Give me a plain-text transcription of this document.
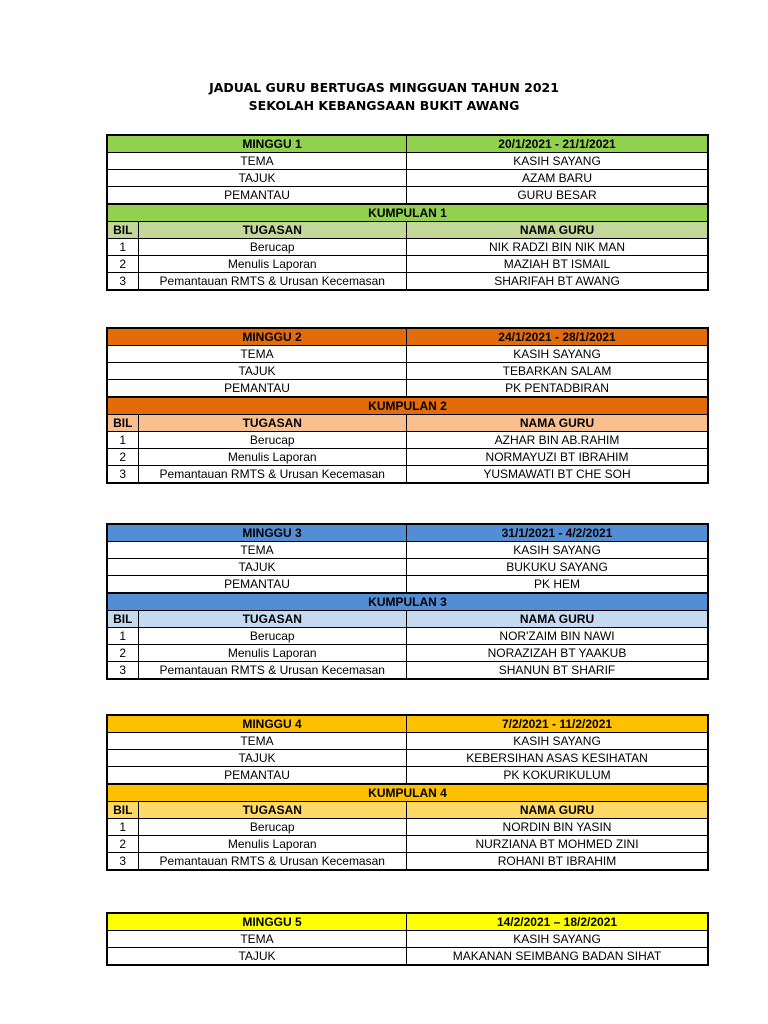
JADUAL GURU BERTUGAS MINGGUAN TAHUN 2021
SEKOLAH KEBANGSAAN BUKIT AWANG
	MINGGU 1	20/1/2021 - 21/1/2021
TEMA		KASIH SAYANG
TAJUK		AZAM BARU
PEMANTAU		GURU BESAR
KUMPULAN 1		
BIL	TUGASAN	NAMA GURU
1	Berucap	NIK RADZI BIN NIK MAN
2	Menulis Laporan	MAZIAH BT ISMAIL
3	Pemantauan RMTS & Urusan Kecemasan	SHARIFAH BT AWANG
	MINGGU 2	24/1/2021 - 28/1/2021
TEMA		KASIH SAYANG
TAJUK		TEBARKAN SALAM
PEMANTAU		PK PENTADBIRAN
KUMPULAN 2		
BIL	TUGASAN	NAMA GURU
1	Berucap	AZHAR BIN AB.RAHIM
2	Menulis Laporan	NORMAYUZI BT IBRAHIM
3	Pemantauan RMTS & Urusan Kecemasan	YUSMAWATI BT CHE SOH
	MINGGU 3	31/1/2021 - 4/2/2021
TEMA		KASIH SAYANG
TAJUK		BUKUKU SAYANG
PEMANTAU		PK HEM
KUMPULAN 3		
BIL	TUGASAN	NAMA GURU
1	Berucap	NOR'ZAIM BIN NAWI
2	Menulis Laporan	NORAZIZAH BT YAAKUB
3	Pemantauan RMTS & Urusan Kecemasan	SHANUN BT SHARIF
	MINGGU 4	7/2/2021 - 11/2/2021
TEMA		KASIH SAYANG
TAJUK		KEBERSIHAN ASAS KESIHATAN
PEMANTAU		PK KOKURIKULUM
KUMPULAN 4		
BIL	TUGASAN	NAMA GURU
1	Berucap	NORDIN BIN YASIN
2	Menulis Laporan	NURZIANA BT MOHMED ZINI
3	Pemantauan RMTS & Urusan Kecemasan	ROHANI BT IBRAHIM
	MINGGU 5	14/2/2021 – 18/2/2021
TEMA		KASIH SAYANG
TAJUK		MAKANAN SEIMBANG BADAN SIHAT
